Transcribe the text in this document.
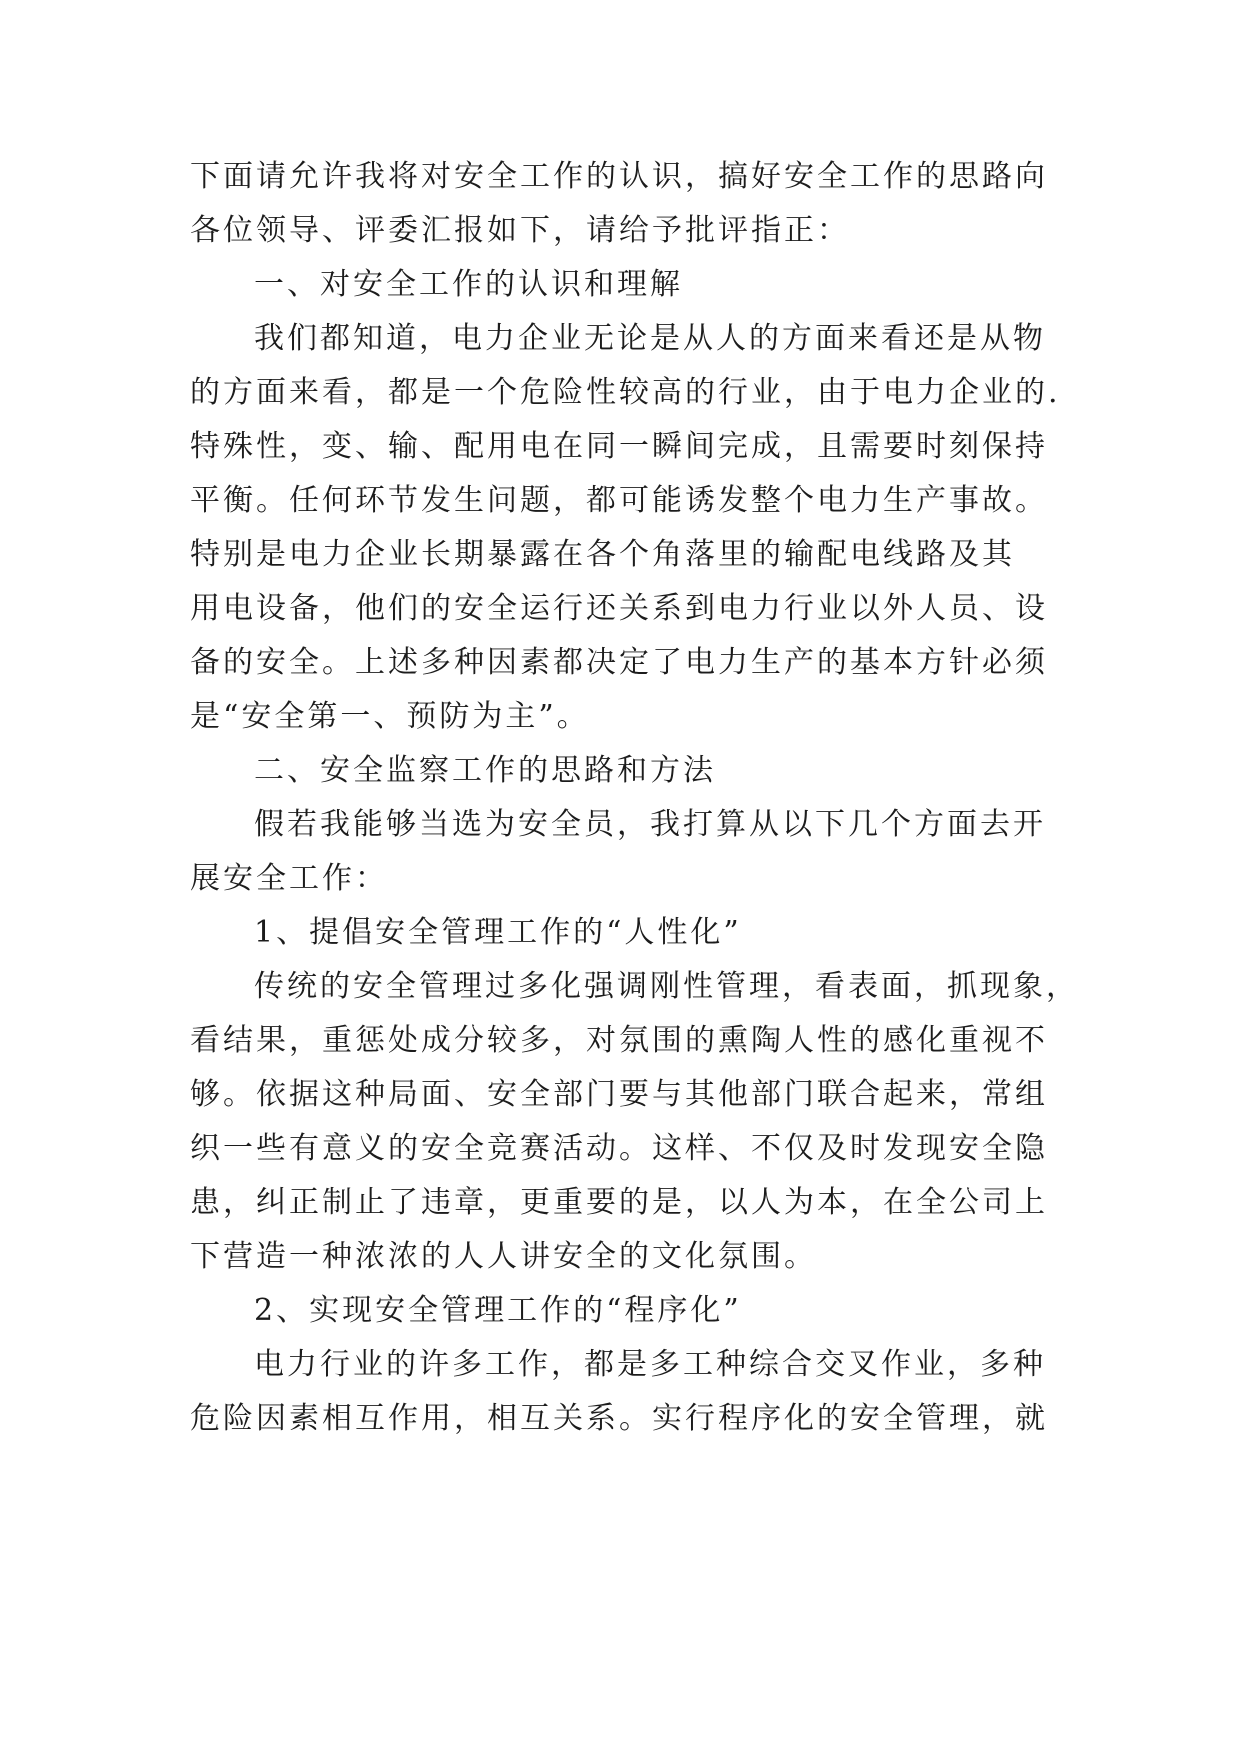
下面请允许我将对安全工作的认识，搞好安全工作的思路向
各位领导、评委汇报如下，请给予批评指正：
一、对安全工作的认识和理解
我们都知道，电力企业无论是从人的方面来看还是从物
的方面来看，都是一个危险性较高的行业，由于电力企业的.
特殊性，变、输、配用电在同一瞬间完成，且需要时刻保持
平衡。任何环节发生问题，都可能诱发整个电力生产事故。
特别是电力企业长期暴露在各个角落里的输配电线路及其
用电设备，他们的安全运行还关系到电力行业以外人员、设
备的安全。上述多种因素都决定了电力生产的基本方针必须
是“安全第一、预防为主”。
二、安全监察工作的思路和方法
假若我能够当选为安全员，我打算从以下几个方面去开
展安全工作：
1、提倡安全管理工作的“人性化”
传统的安全管理过多化强调刚性管理，看表面，抓现象，
看结果，重惩处成分较多，对氛围的熏陶人性的感化重视不
够。依据这种局面、安全部门要与其他部门联合起来，常组
织一些有意义的安全竞赛活动。这样、不仅及时发现安全隐
患，纠正制止了违章，更重要的是，以人为本，在全公司上
下营造一种浓浓的人人讲安全的文化氛围。
2、实现安全管理工作的“程序化”
电力行业的许多工作，都是多工种综合交叉作业，多种
危险因素相互作用，相互关系。实行程序化的安全管理，就
